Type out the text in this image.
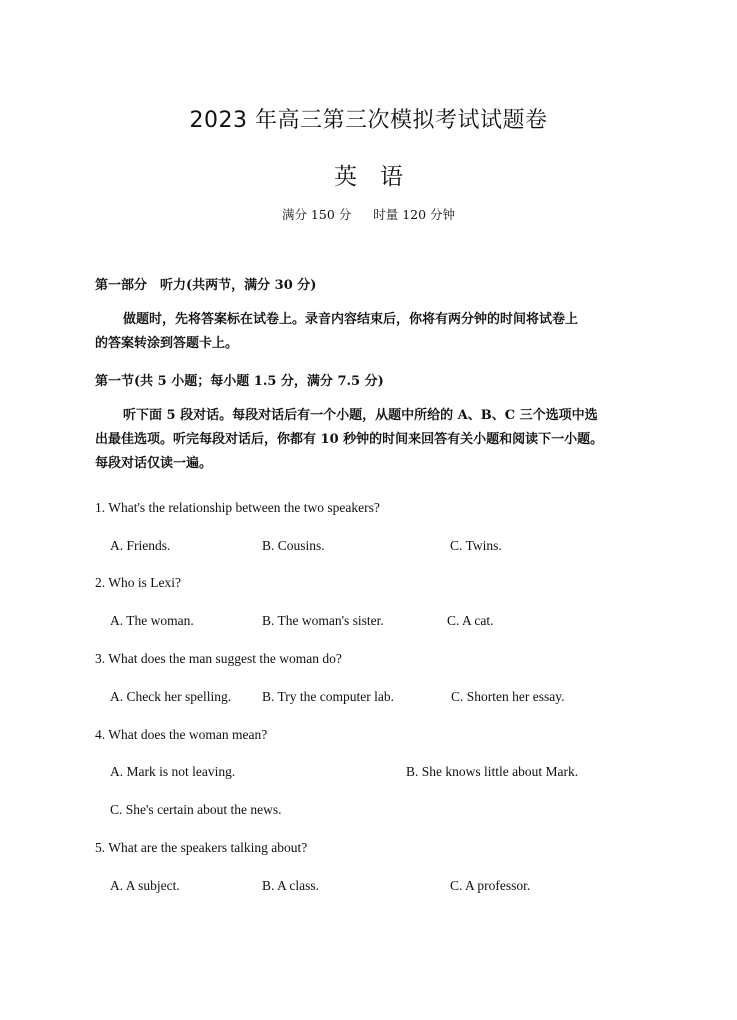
2023 年高三第三次模拟考试试题卷
英　语
满分 150 分 时量 120 分钟
第一部分　听力(共两节，满分 30 分)
做题时，先将答案标在试卷上。录音内容结束后，你将有两分钟的时间将试卷上
的答案转涂到答题卡上。
第一节(共 5 小题；每小题 1.5 分，满分 7.5 分)
听下面 5 段对话。每段对话后有一个小题，从题中所给的 A、B、C 三个选项中选
出最佳选项。听完每段对话后，你都有 10 秒钟的时间来回答有关小题和阅读下一小题。
每段对话仅读一遍。
1. What's the relationship between the two speakers?
A. Friends.	B. Cousins.	C. Twins.
2. Who is Lexi?
A. The woman.	B. The woman's sister.	C. A cat.
3. What does the man suggest the woman do?
A. Check her spelling. B. Try the computer lab.	C. Shorten her essay.
4. What does the woman mean?
A. Mark is not leaving.	B. She knows little about Mark.
C. She's certain about the news.
5. What are the speakers talking about?
A. A subject.	B. A class.	C. A professor.
